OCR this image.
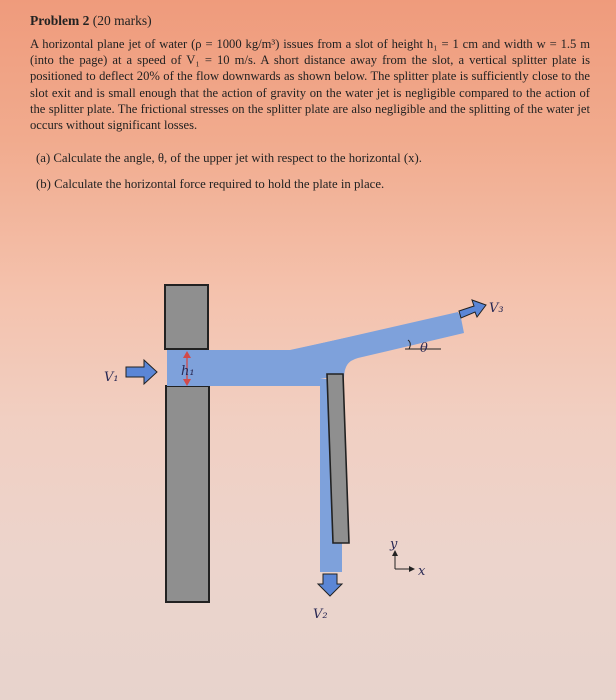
Problem 2 (20 marks)
A horizontal plane jet of water (ρ = 1000 kg/m³) issues from a slot of height h₁ = 1 cm and width w = 1.5 m (into the page) at a speed of V₁ = 10 m/s. A short distance away from the slot, a vertical splitter plate is positioned to deflect 20% of the flow downwards as shown below. The splitter plate is sufficiently close to the slot exit and is small enough that the action of gravity on the water jet is negligible compared to the action of the splitter plate. The frictional stresses on the splitter plate are also negligible and the splitting of the water jet occurs without significant losses.
(a) Calculate the angle, θ, of the upper jet with respect to the horizontal (x).
(b) Calculate the horizontal force required to hold the plate in place.
h₁
V₁
V₃
θ
V₂
y
x
